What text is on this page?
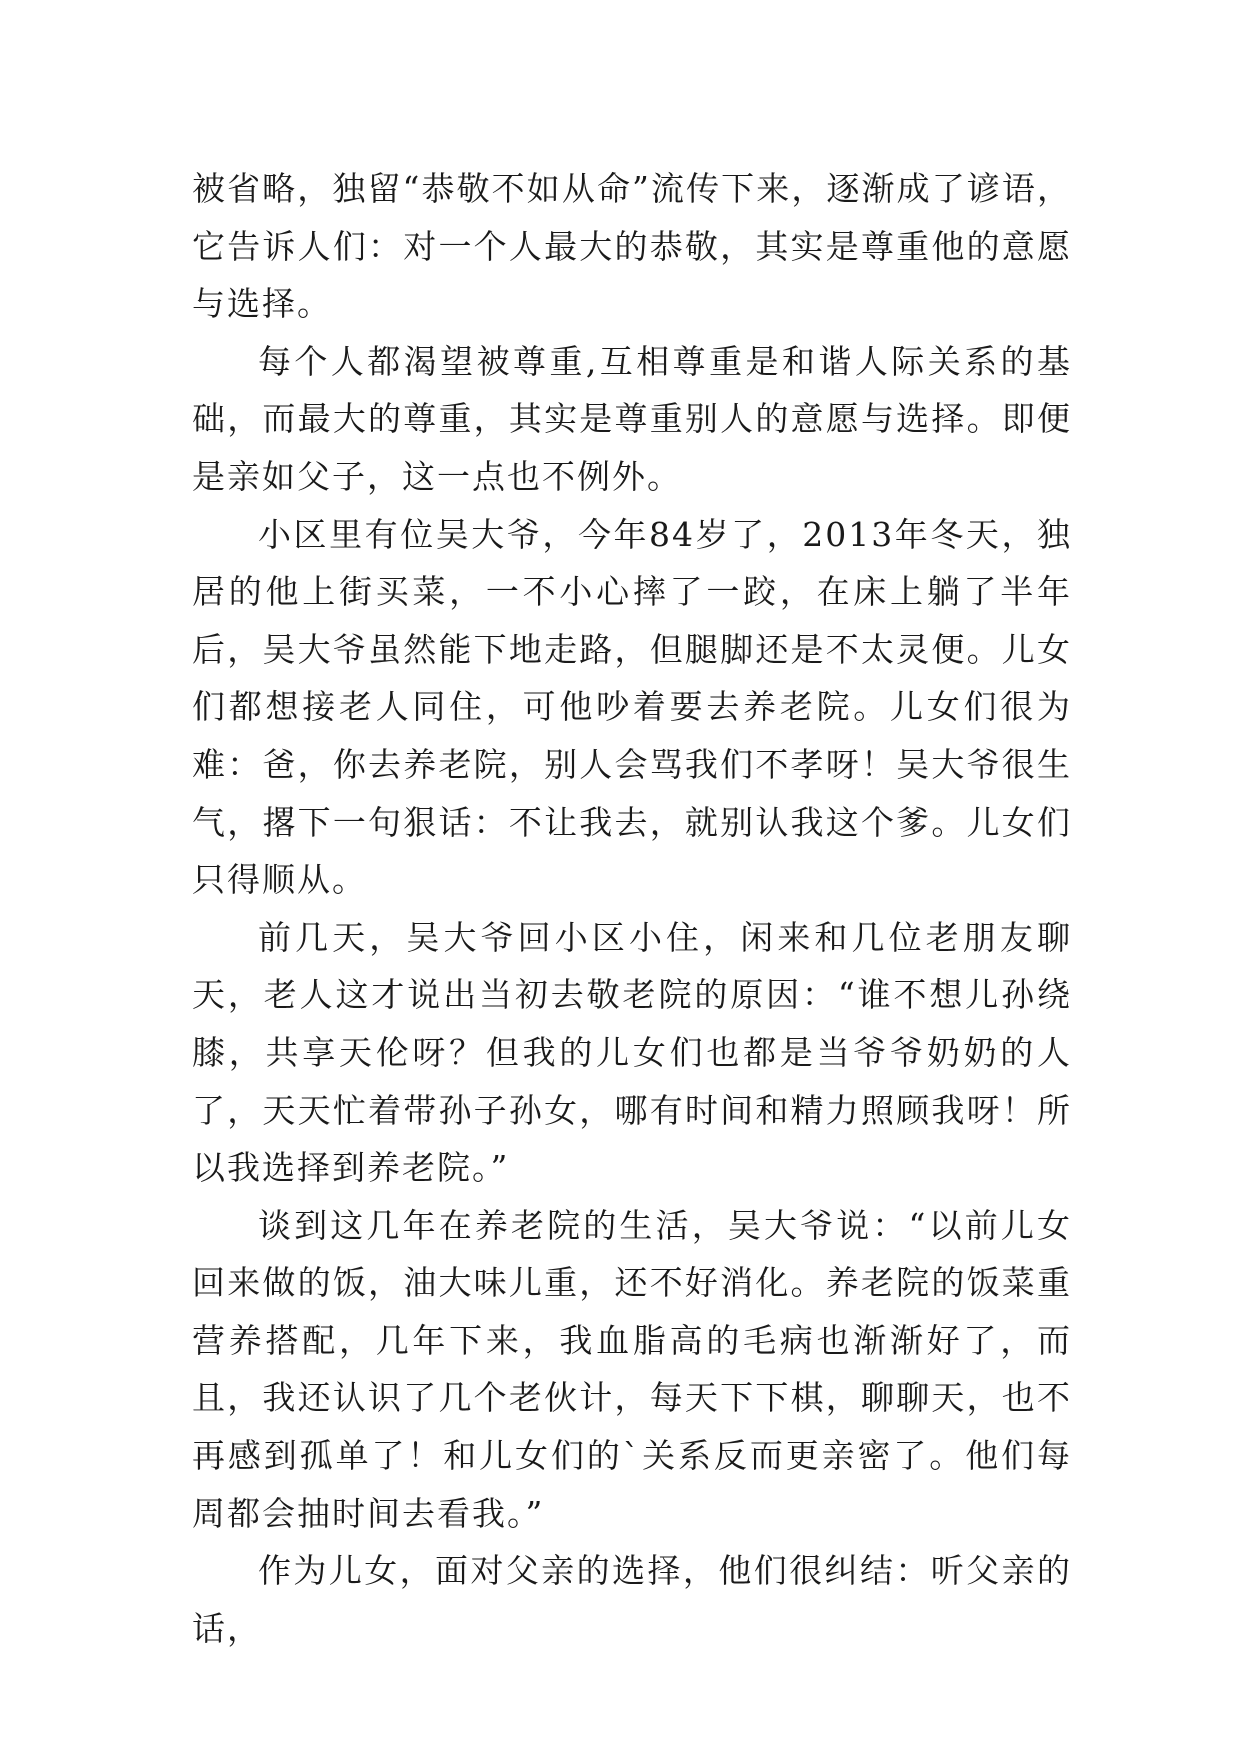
被省略，独留“恭敬不如从命”流传下来，逐渐成了谚语，它告诉人们：对一个人最大的恭敬，其实是尊重他的意愿与选择。

每个人都渴望被尊重,互相尊重是和谐人际关系的基础，而最大的尊重，其实是尊重别人的意愿与选择。即便是亲如父子，这一点也不例外。

小区里有位吴大爷，今年84岁了，2013年冬天，独居的他上街买菜，一不小心摔了一跤，在床上躺了半年后，吴大爷虽然能下地走路，但腿脚还是不太灵便。儿女们都想接老人同住，可他吵着要去养老院。儿女们很为难：爸，你去养老院，别人会骂我们不孝呀！吴大爷很生气，撂下一句狠话：不让我去，就别认我这个爹。儿女们只得顺从。

前几天，吴大爷回小区小住，闲来和几位老朋友聊天，老人这才说出当初去敬老院的原因：“谁不想儿孙绕膝，共享天伦呀？但我的儿女们也都是当爷爷奶奶的人了，天天忙着带孙子孙女，哪有时间和精力照顾我呀！所以我选择到养老院。”

谈到这几年在养老院的生活，吴大爷说：“以前儿女回来做的饭，油大味儿重，还不好消化。养老院的饭菜重营养搭配，几年下来，我血脂高的毛病也渐渐好了，而且，我还认识了几个老伙计，每天下下棋，聊聊天，也不再感到孤单了！和儿女们的`关系反而更亲密了。他们每周都会抽时间去看我。”

作为儿女，面对父亲的选择，他们很纠结：听父亲的话，
